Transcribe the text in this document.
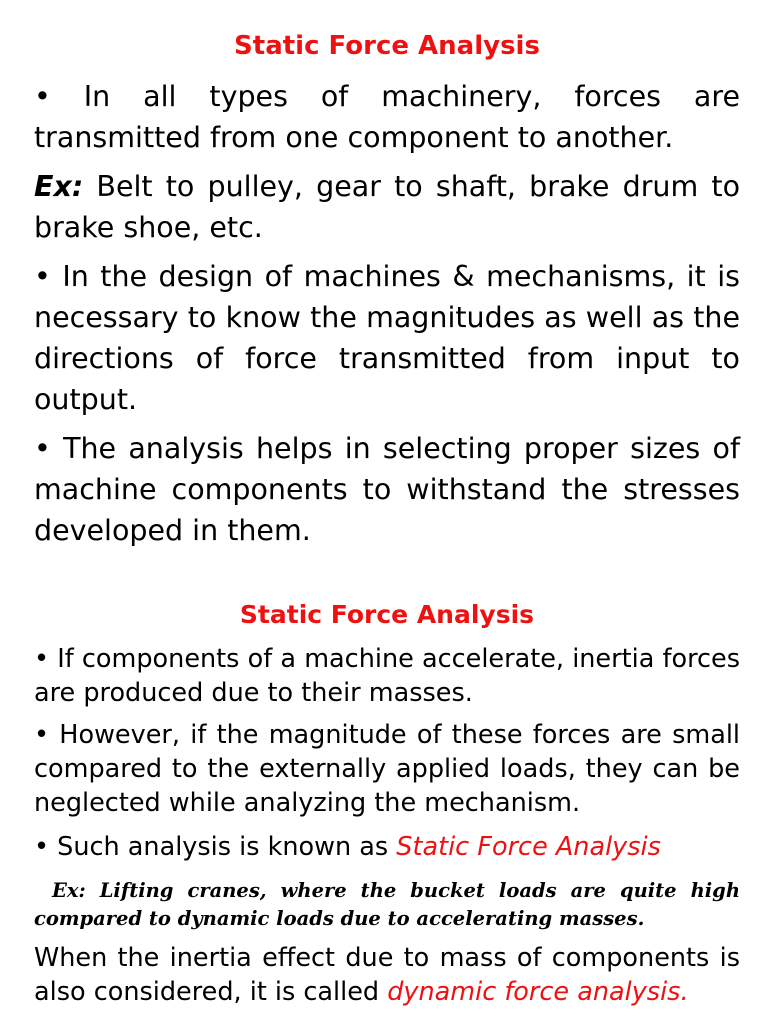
Static Force Analysis

• In all types of machinery, forces are transmitted from one component to another.

Ex: Belt to pulley, gear to shaft, brake drum to brake shoe, etc.

• In the design of machines & mechanisms, it is necessary to know the magnitudes as well as the directions of force transmitted from input to output.

• The analysis helps in selecting proper sizes of machine components to withstand the stresses developed in them.

Static Force Analysis

• If components of a machine accelerate, inertia forces are produced due to their masses.

• However, if the magnitude of these forces are small compared to the externally applied loads, they can be neglected while analyzing the mechanism.

• Such analysis is known as Static Force Analysis

Ex: Lifting cranes, where the bucket loads are quite high compared to dynamic loads due to accelerating masses.

When the inertia effect due to mass of components is also considered, it is called dynamic force analysis.
